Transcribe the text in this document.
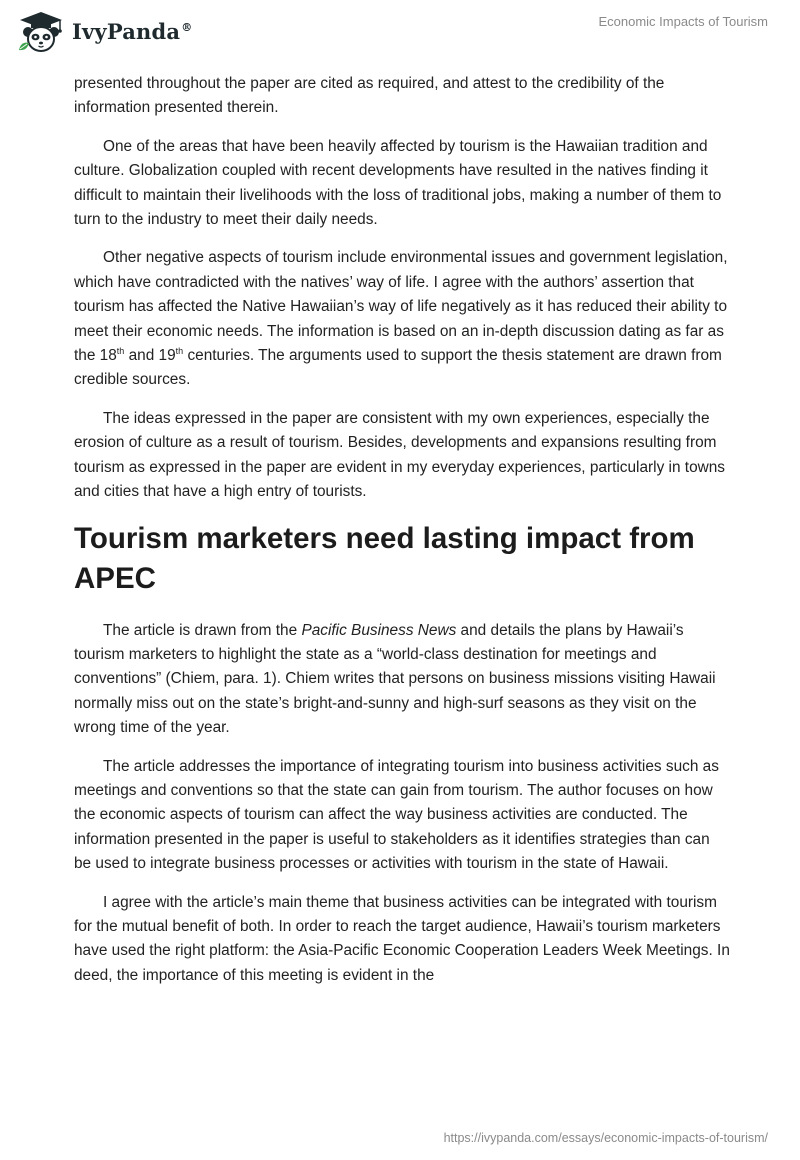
IvyPanda®	Economic Impacts of Tourism

presented throughout the paper are cited as required, and attest to the credibility of the information presented therein.

One of the areas that have been heavily affected by tourism is the Hawaiian tradition and culture. Globalization coupled with recent developments have resulted in the natives finding it difficult to maintain their livelihoods with the loss of traditional jobs, making a number of them to turn to the industry to meet their daily needs.

Other negative aspects of tourism include environmental issues and government legislation, which have contradicted with the natives’ way of life. I agree with the authors’ assertion that tourism has affected the Native Hawaiian’s way of life negatively as it has reduced their ability to meet their economic needs. The information is based on an in-depth discussion dating as far as the 18th and 19th centuries. The arguments used to support the thesis statement are drawn from credible sources.

The ideas expressed in the paper are consistent with my own experiences, especially the erosion of culture as a result of tourism. Besides, developments and expansions resulting from tourism as expressed in the paper are evident in my everyday experiences, particularly in towns and cities that have a high entry of tourists.

Tourism marketers need lasting impact from APEC

The article is drawn from the Pacific Business News and details the plans by Hawaii’s tourism marketers to highlight the state as a “world-class destination for meetings and conventions” (Chiem, para. 1). Chiem writes that persons on business missions visiting Hawaii normally miss out on the state’s bright-and-sunny and high-surf seasons as they visit on the wrong time of the year.

The article addresses the importance of integrating tourism into business activities such as meetings and conventions so that the state can gain from tourism. The author focuses on how the economic aspects of tourism can affect the way business activities are conducted. The information presented in the paper is useful to stakeholders as it identifies strategies than can be used to integrate business processes or activities with tourism in the state of Hawaii.

I agree with the article’s main theme that business activities can be integrated with tourism for the mutual benefit of both. In order to reach the target audience, Hawaii’s tourism marketers have used the right platform: the Asia-Pacific Economic Cooperation Leaders Week Meetings. In deed, the importance of this meeting is evident in the

https://ivypanda.com/essays/economic-impacts-of-tourism/
